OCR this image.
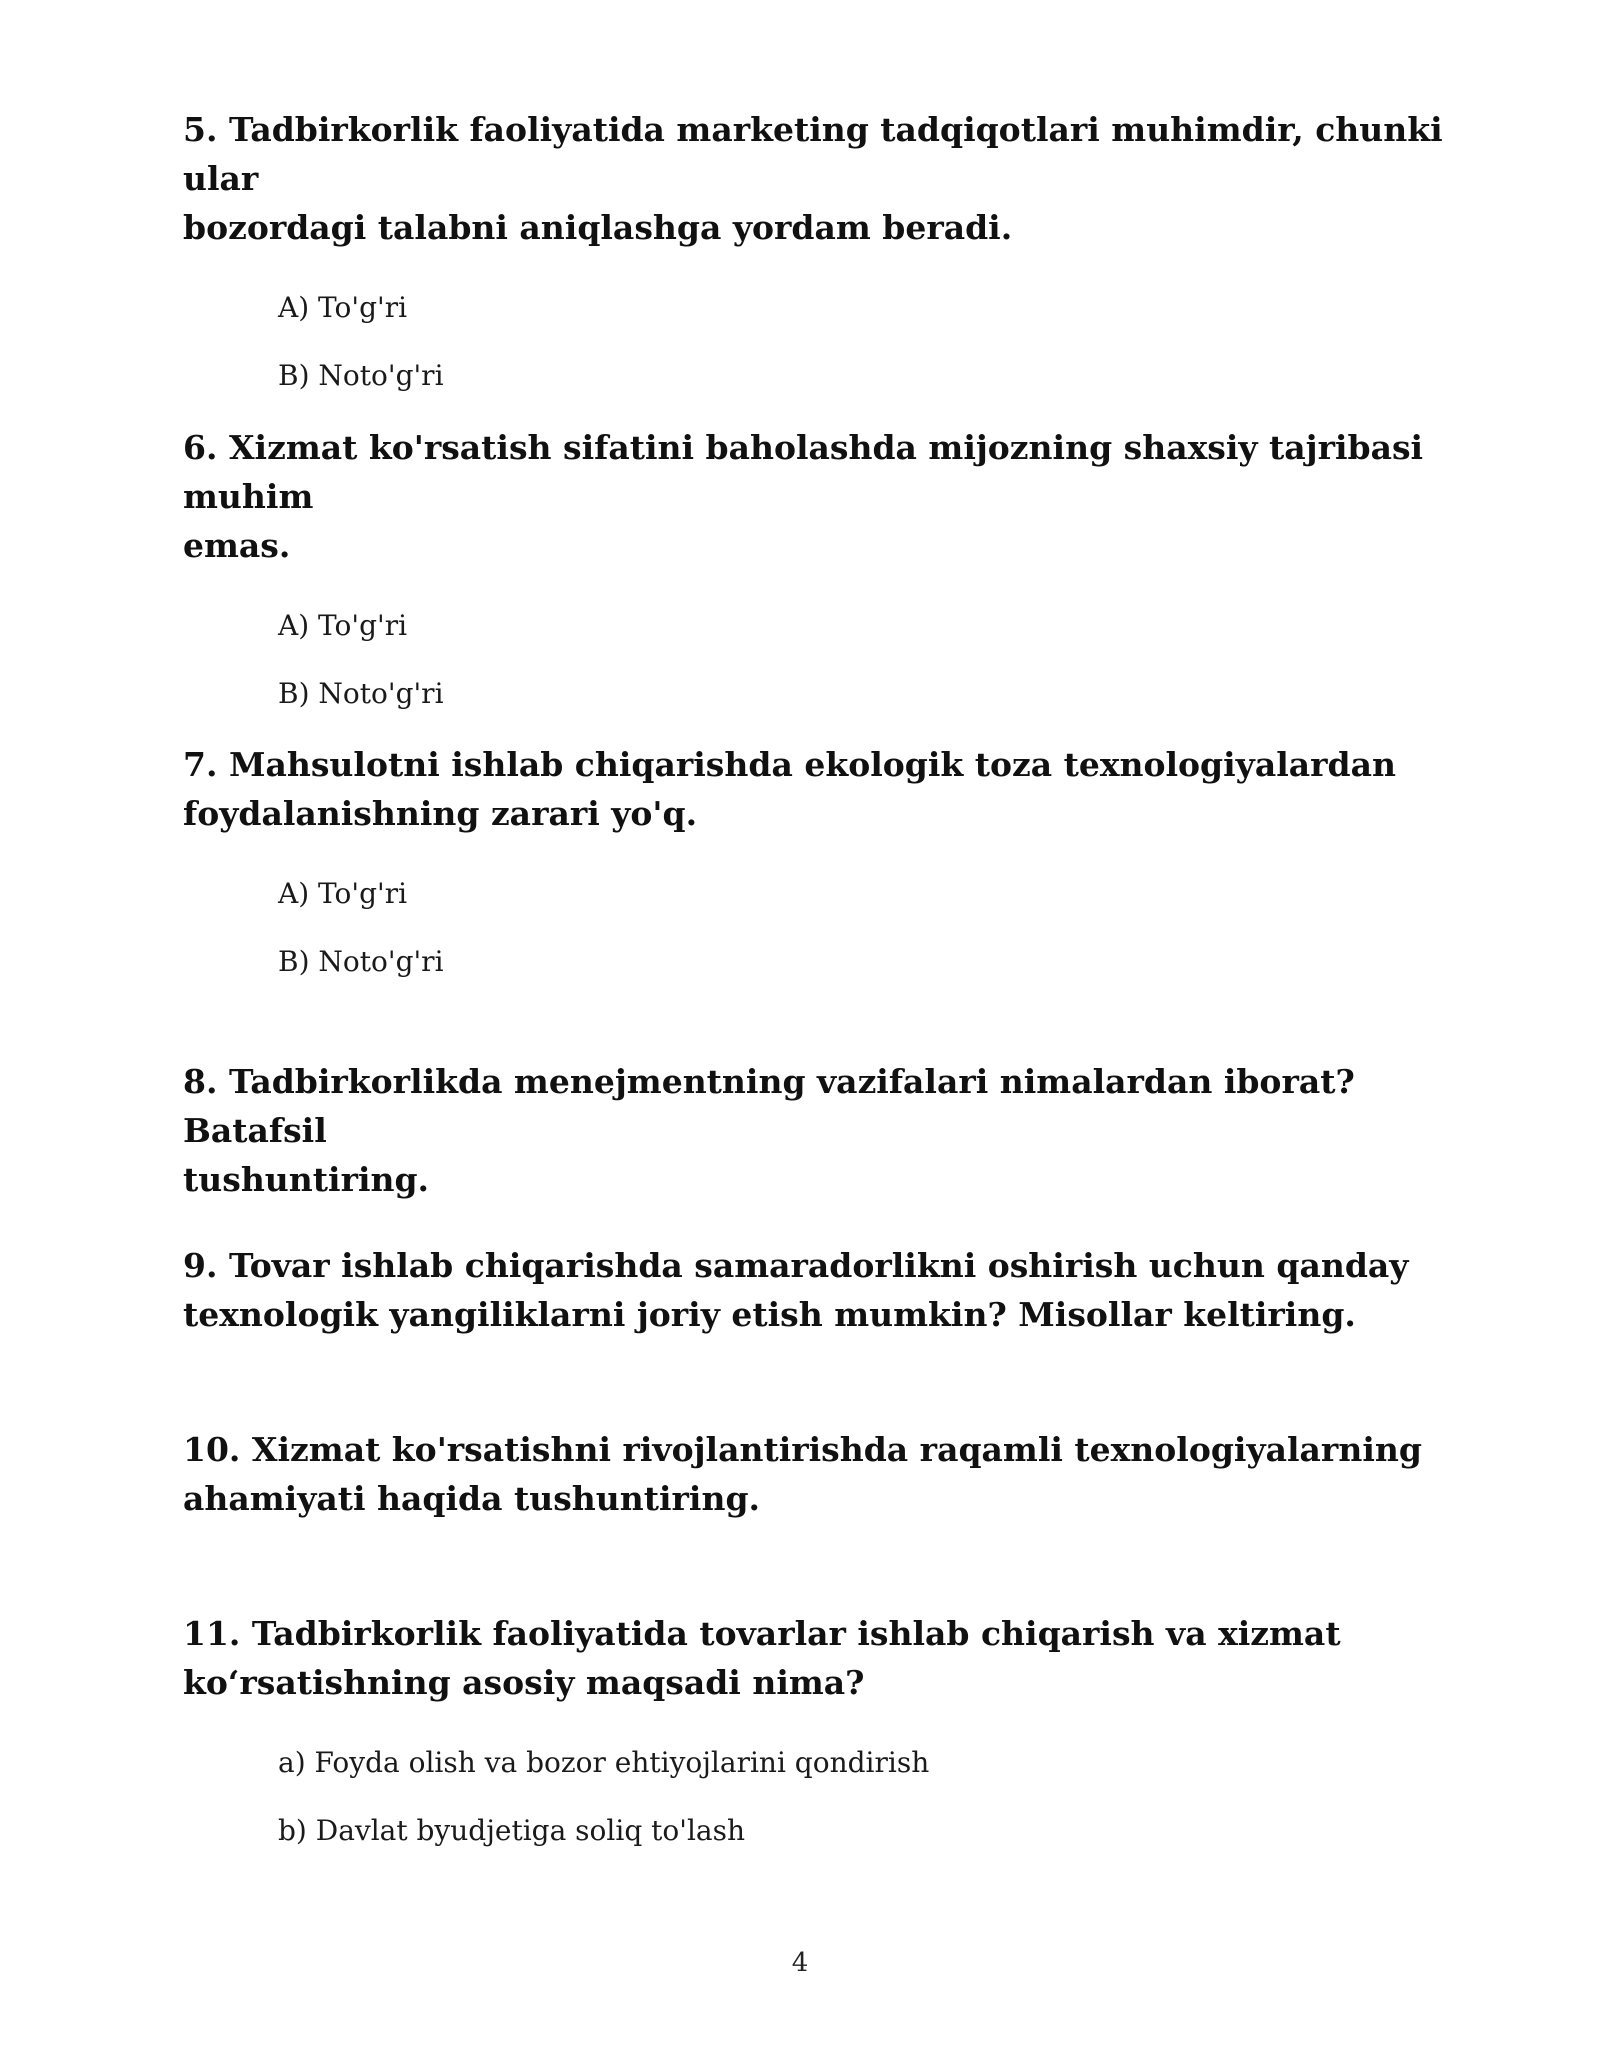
5. Tadbirkorlik faoliyatida marketing tadqiqotlari muhimdir, chunki ular
bozordagi talabni aniqlashga yordam beradi.

A) To'g'ri
B) Noto'g'ri

6. Xizmat ko'rsatish sifatini baholashda mijozning shaxsiy tajribasi muhim
emas.

A) To'g'ri
B) Noto'g'ri

7. Mahsulotni ishlab chiqarishda ekologik toza texnologiyalardan
foydalanishning zarari yo'q.

A) To'g'ri
B) Noto'g'ri

8. Tadbirkorlikda menejmentning vazifalari nimalardan iborat? Batafsil
tushuntiring.

9. Tovar ishlab chiqarishda samaradorlikni oshirish uchun qanday
texnologik yangiliklarni joriy etish mumkin? Misollar keltiring.

10. Xizmat ko'rsatishni rivojlantirishda raqamli texnologiyalarning
ahamiyati haqida tushuntiring.

11. Tadbirkorlik faoliyatida tovarlar ishlab chiqarish va xizmat
ko‘rsatishning asosiy maqsadi nima?

a) Foyda olish va bozor ehtiyojlarini qondirish
b) Davlat byudjetiga soliq to'lash
4
